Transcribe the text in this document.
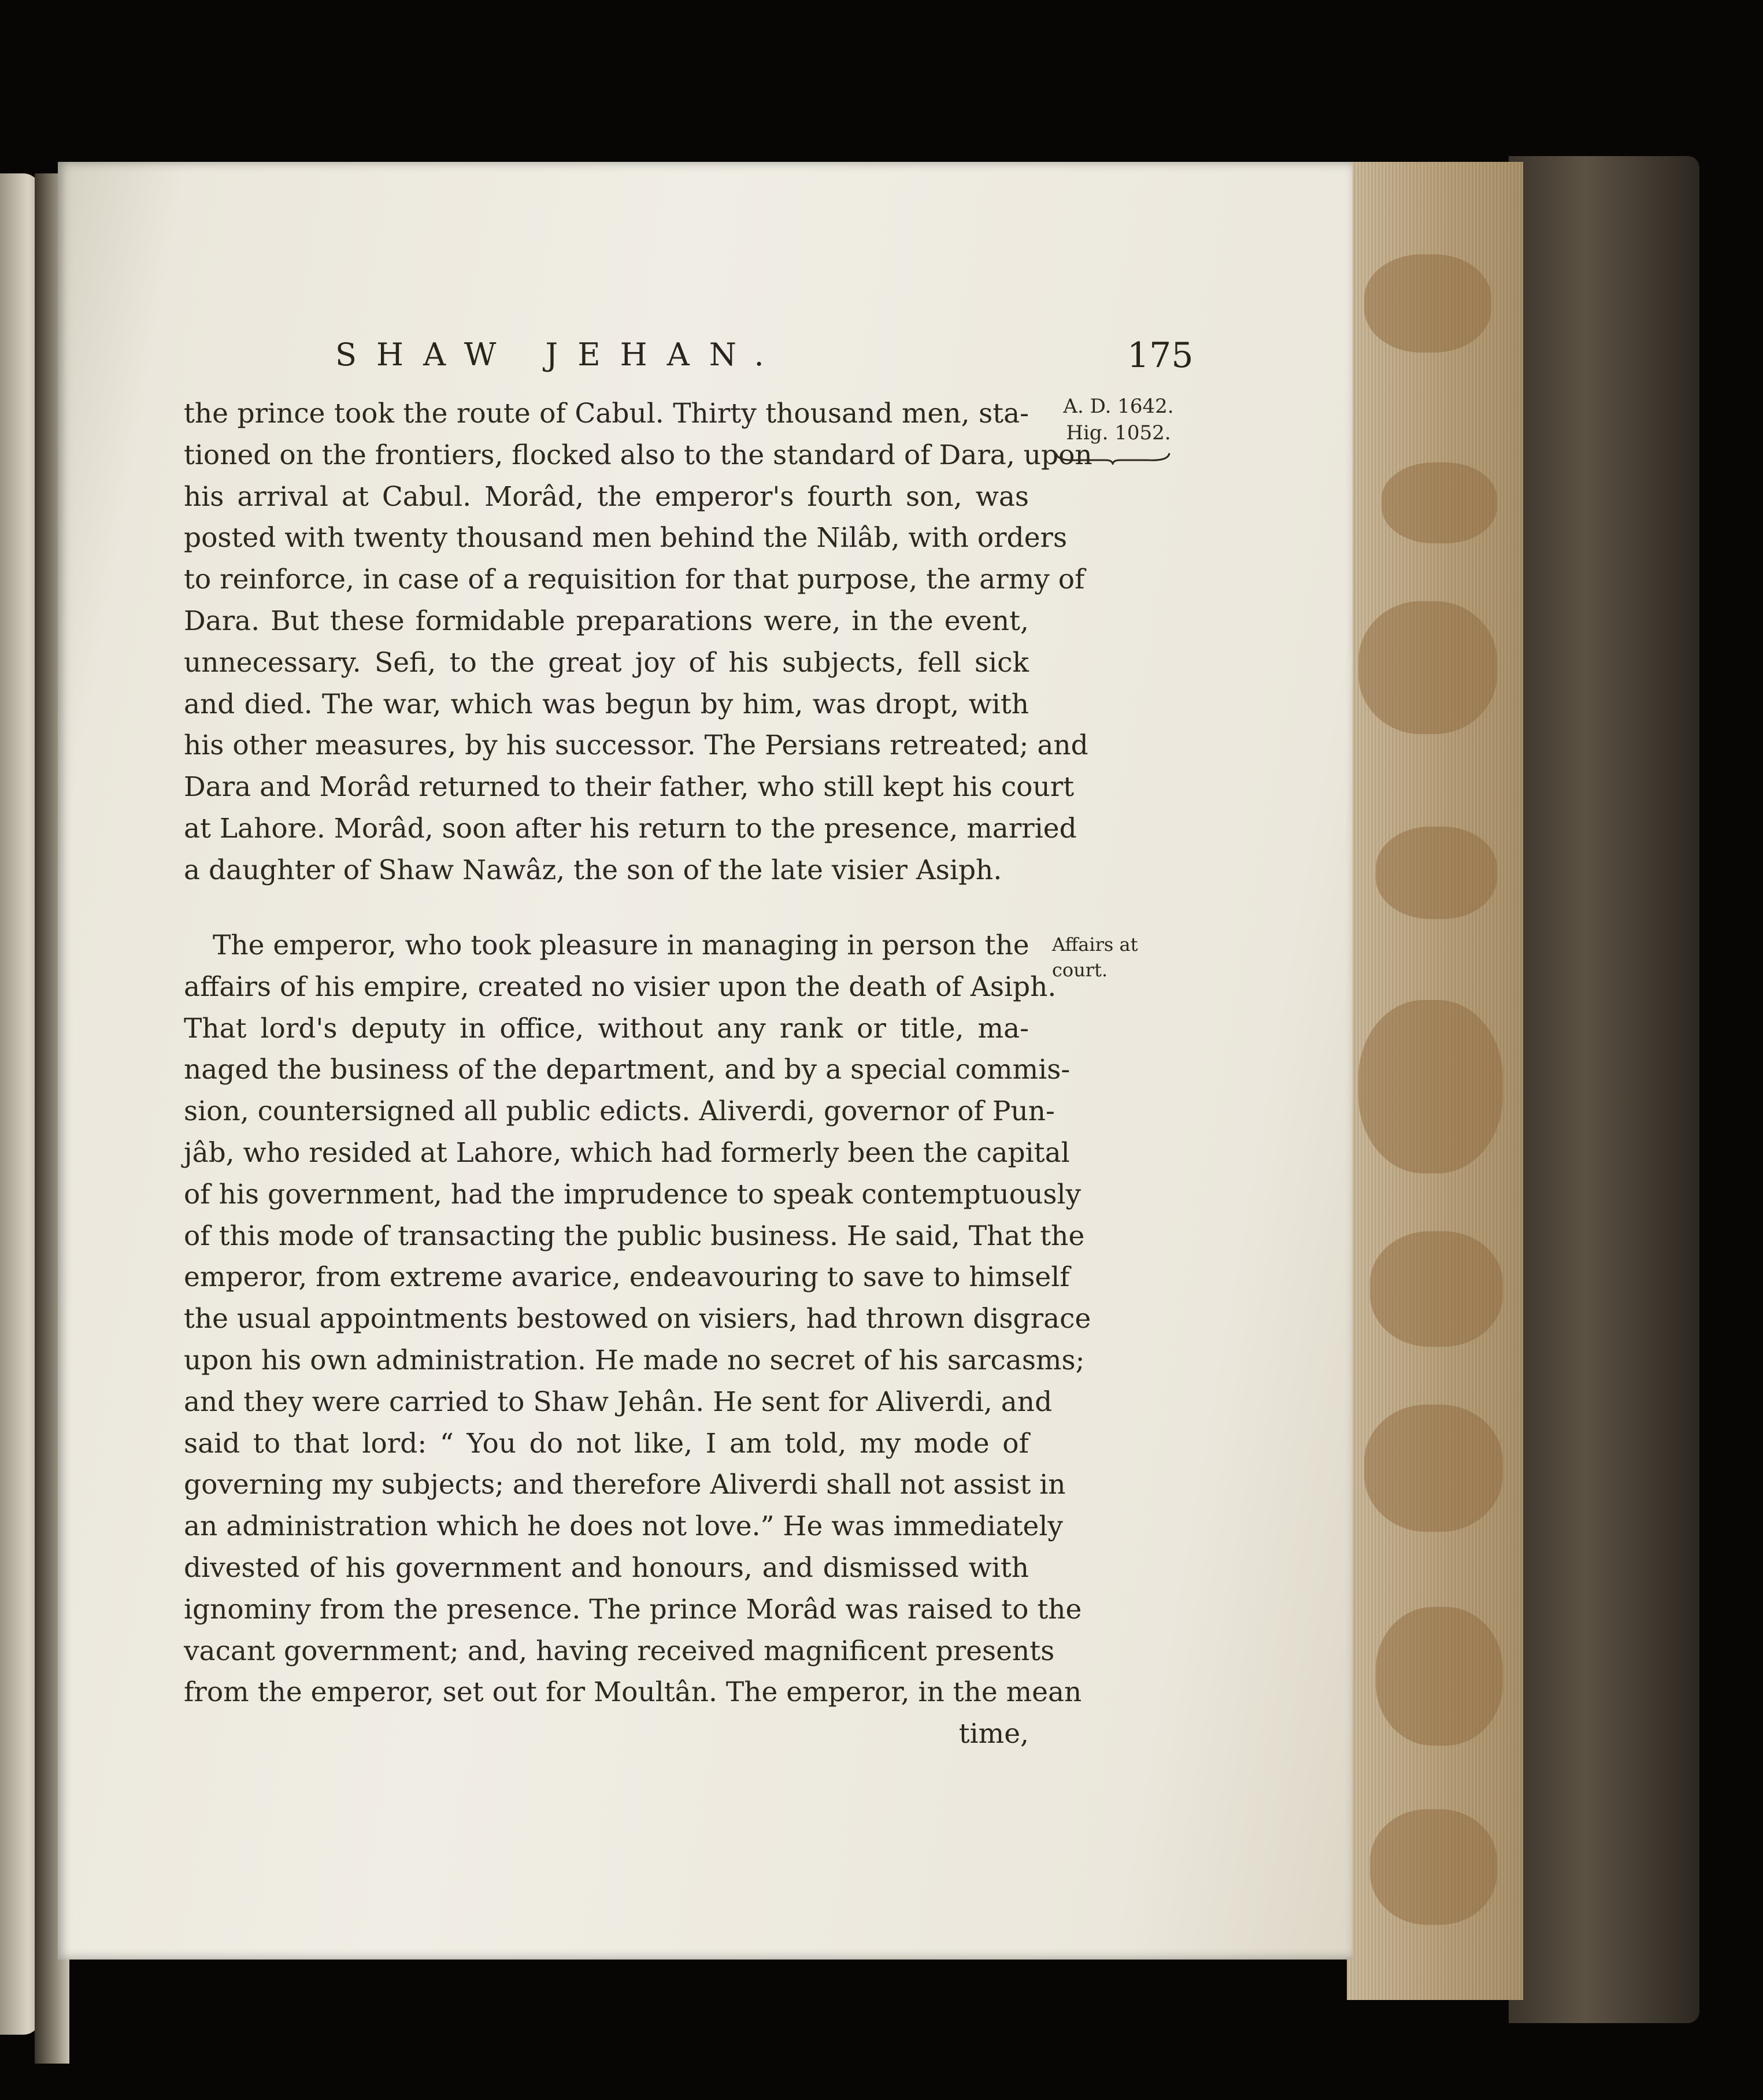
SHAW JEHAN.	175
A. D. 1642.
Hig. 1052.
Affairs at
court.
the prince took the route of Cabul. Thirty thousand men, sta-
tioned on the frontiers, flocked also to the standard of Dara, upon
his arrival at Cabul. Morâd, the emperor's fourth son, was
posted with twenty thousand men behind the Nilâb, with orders
to reinforce, in case of a requisition for that purpose, the army of
Dara. But these formidable preparations were, in the event,
unnecessary. Sefi, to the great joy of his subjects, fell sick
and died. The war, which was begun by him, was dropt, with
his other measures, by his successor. The Persians retreated; and
Dara and Morâd returned to their father, who still kept his court
at Lahore. Morâd, soon after his return to the presence, married
a daughter of Shaw Nawâz, the son of the late visier Asiph.
The emperor, who took pleasure in managing in person the
affairs of his empire, created no visier upon the death of Asiph.
That lord's deputy in office, without any rank or title, ma-
naged the business of the department, and by a special commis-
sion, countersigned all public edicts. Aliverdi, governor of Pun-
jâb, who resided at Lahore, which had formerly been the capital
of his government, had the imprudence to speak contemptuously
of this mode of transacting the public business. He said, That the
emperor, from extreme avarice, endeavouring to save to himself
the usual appointments bestowed on visiers, had thrown disgrace
upon his own administration. He made no secret of his sarcasms;
and they were carried to Shaw Jehân. He sent for Aliverdi, and
said to that lord: “ You do not like, I am told, my mode of
governing my subjects; and therefore Aliverdi shall not assist in
an administration which he does not love.” He was immediately
divested of his government and honours, and dismissed with
ignominy from the presence. The prince Morâd was raised to the
vacant government; and, having received magnificent presents
from the emperor, set out for Moultân. The emperor, in the mean
time,
